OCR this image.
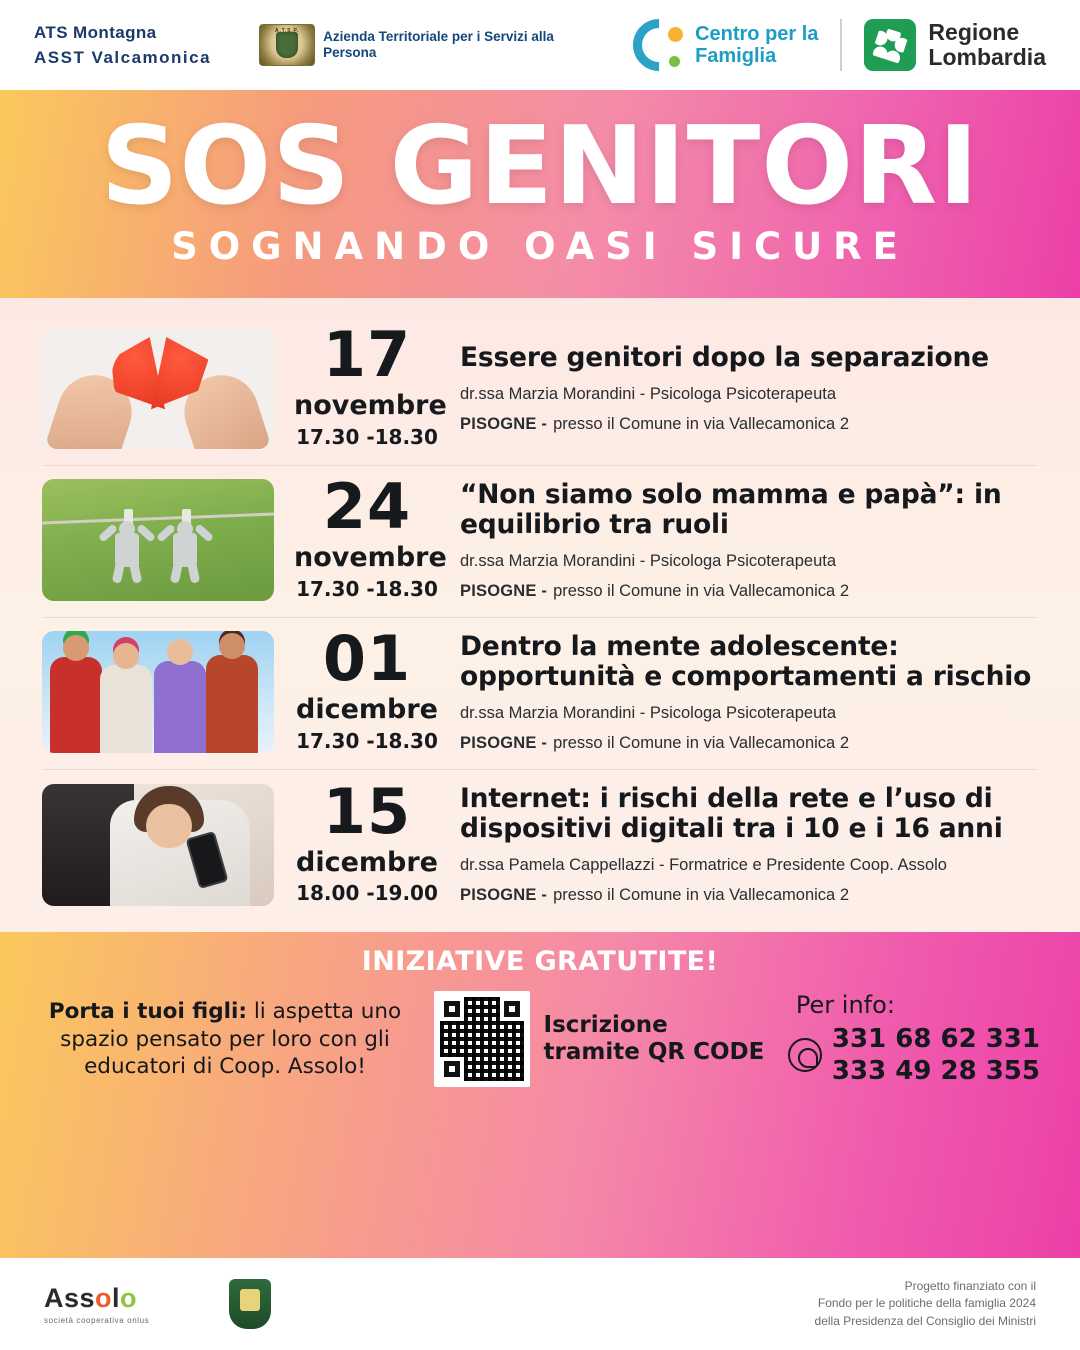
ATS Montagna
ASST Valcamonica
A.T.S.P.	Azienda Territoriale per i Servizi alla Persona
Centro per la
Famiglia
Regione
Lombardia
SOS GENITORI
SOGNANDO OASI SICURE
17
novembre
17.30 -18.30
Essere genitori dopo la separazione
dr.ssa Marzia Morandini - Psicologa Psicoterapeuta
PISOGNE - presso il Comune in via Vallecamonica 2
24
novembre
17.30 -18.30
“Non siamo solo mamma e papà”: in equilibrio tra ruoli
dr.ssa Marzia Morandini - Psicologa Psicoterapeuta
PISOGNE - presso il Comune in via Vallecamonica 2
01
dicembre
17.30 -18.30
Dentro la mente adolescente: opportunità e comportamenti a rischio
dr.ssa Marzia Morandini - Psicologa Psicoterapeuta
PISOGNE - presso il Comune in via Vallecamonica 2
15
dicembre
18.00 -19.00
Internet: i rischi della rete e l’uso di dispositivi digitali tra i 10 e i 16 anni
dr.ssa Pamela Cappellazzi - Formatrice e Presidente Coop. Assolo
PISOGNE - presso il Comune in via Vallecamonica 2
INIZIATIVE GRATUTITE!
Porta i tuoi figli: li aspetta uno spazio pensato per loro con gli educatori di Coop. Assolo!
Iscrizione
tramite QR CODE
Per info:
331 68 62 331
333 49 28 355
Assolo
società cooperativa onlus
Progetto finanziato con il
Fondo per le politiche della famiglia 2024
della Presidenza del Consiglio dei Ministri
